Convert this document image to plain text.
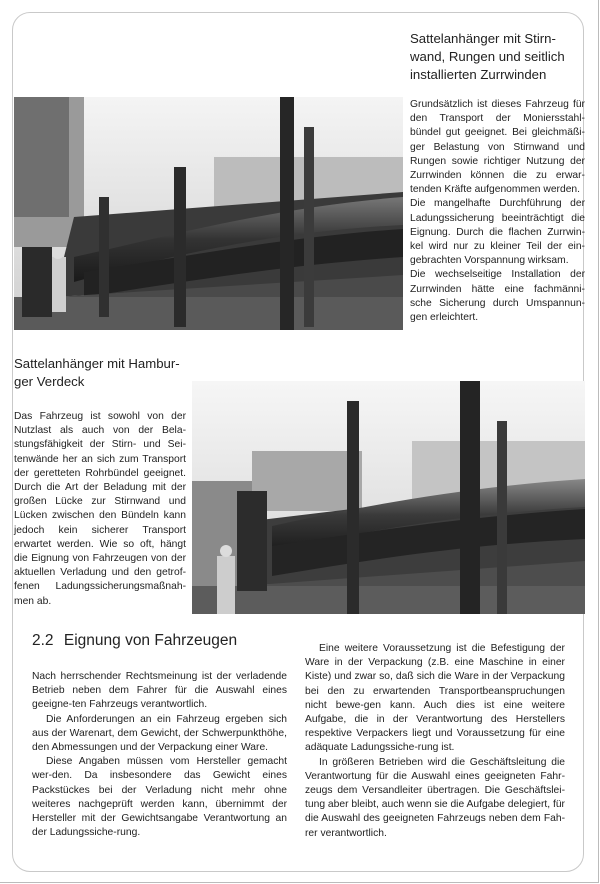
Sattelanhänger mit Stirn-
wand, Rungen und seitlich
installierten Zurrwinden

Grundsätzlich ist dieses Fahrzeug für den Transport der Moniersstahl-bündel gut geeignet. Bei gleichmäßi-ger Belastung von Stirnwand und Rungen sowie richtiger Nutzung der Zurrwinden können die zu erwar-tenden Kräfte aufgenommen werden.

Die mangelhafte Durchführung der Ladungssicherung beeinträchtigt die Eignung. Durch die flachen Zurrwin-kel wird nur zu kleiner Teil der ein-gebrachten Vorspannung wirksam.

Die wechselseitige Installation der Zurrwinden hätte eine fachmänni-sche Sicherung durch Umspannun-gen erleichtert.

Sattelanhänger mit Hambur-
ger Verdeck

Das Fahrzeug ist sowohl von der Nutzlast als auch von der Bela-stungsfähigkeit der Stirn- und Sei-tenwände her an sich zum Transport der geretteten Rohrbündel geeignet. Durch die Art der Beladung mit der großen Lücke zur Stirnwand und Lücken zwischen den Bündeln kann jedoch kein sicherer Transport erwartet werden. Wie so oft, hängt die Eignung von Fahrzeugen von der aktuellen Verladung und den getrof-fenen Ladungssicherungsmaßnah-men ab.

2.2 Eignung von Fahrzeugen

Nach herrschender Rechtsmeinung ist der verladende Betrieb neben dem Fahrer für die Auswahl eines geeigne-ten Fahrzeugs verantwortlich.

Die Anforderungen an ein Fahrzeug ergeben sich aus der Warenart, dem Gewicht, der Schwerpunkthöhe, den Abmessungen und der Verpackung einer Ware.

Diese Angaben müssen vom Hersteller gemacht wer-den. Da insbesondere das Gewicht eines Packstückes bei der Verladung nicht mehr ohne weiteres nachgeprüft werden kann, übernimmt der Hersteller mit der Gewichtsangabe Verantwortung an der Ladungssiche-rung.

Eine weitere Voraussetzung ist die Befestigung der Ware in der Verpackung (z.B. eine Maschine in einer Kiste) und zwar so, daß sich die Ware in der Verpackung bei den zu erwartenden Transportbeanspruchungen nicht bewe-gen kann. Auch dies ist eine weitere Aufgabe, die in der Verantwortung des Herstellers respektive Verpackers liegt und Voraussetzung für eine adäquate Ladungssiche-rung ist.

In größeren Betrieben wird die Geschäftsleitung die Verantwortung für die Auswahl eines geeigneten Fahr-zeugs dem Versandleiter übertragen. Die Geschäftslei-tung aber bleibt, auch wenn sie die Aufgabe delegiert, für die Auswahl des geeigneten Fahrzeugs neben dem Fah-rer verantwortlich.
